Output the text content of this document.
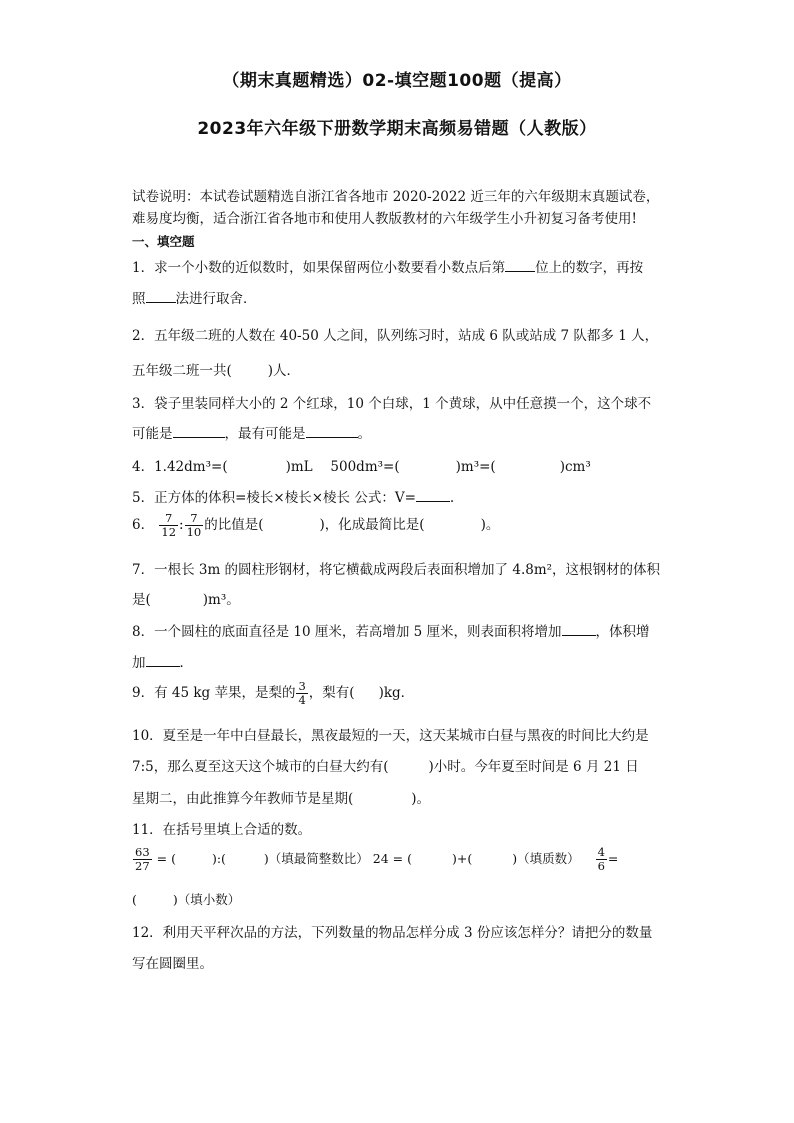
（期末真题精选）02-填空题100题（提高）
2023年六年级下册数学期末高频易错题（人教版）
试卷说明：本试卷试题精选自浙江省各地市 2020-2022 近三年的六年级期末真题试卷，难易度均衡，适合浙江省各地市和使用人教版教材的六年级学生小升初复习备考使用!
一、填空题
1．求一个小数的近似数时，如果保留两位小数要看小数点后第 位上的数字，再按
照 法进行取舍．
2．五年级二班的人数在 40-50 人之间，队列练习时，站成 6 队或站成 7 队都多 1 人，
五年级二班一共(	)人．
3．袋子里装同样大小的 2 个红球，10 个白球，1 个黄球，从中任意摸一个，这个球不
可能是	，最有可能是	。
4．1.42dm³=(	)mL　 500dm³=(	)m³=(	)cm³
5．正方体的体积=棱长×棱长×棱长 公式：V=	.
6． $\frac{7}{12}$ : $\frac{7}{10}$ 的比值是(	)，化成最简比是(	)。
7．一根长 3m 的圆柱形钢材，将它横截成两段后表面积增加了 4.8m²，这根钢材的体积
是(	)m³。
8．一个圆柱的底面直径是 10 厘米，若高增加 5 厘米，则表面积将增加	，体积增
加	．
9．有 45 kg 苹果，是梨的 $\frac{3}{4}$ ，梨有( )kg．
10．夏至是一年中白昼最长，黑夜最短的一天，这天某城市白昼与黑夜的时间比大约是
7:5，那么夏至这天这个城市的白昼大约有(	)小时。今年夏至时间是 6 月 21 日
星期二，由此推算今年教师节是星期(	)。
11．在括号里填上合适的数。
$\frac{63}{27}$ = (	):(	)（填最简整数比） 24 = (	)+(	)（填质数） $\frac{4}{6}$ =
(	)（填小数）
12．利用天平秤次品的方法，下列数量的物品怎样分成 3 份应该怎样分？请把分的数量
写在圆圈里。
